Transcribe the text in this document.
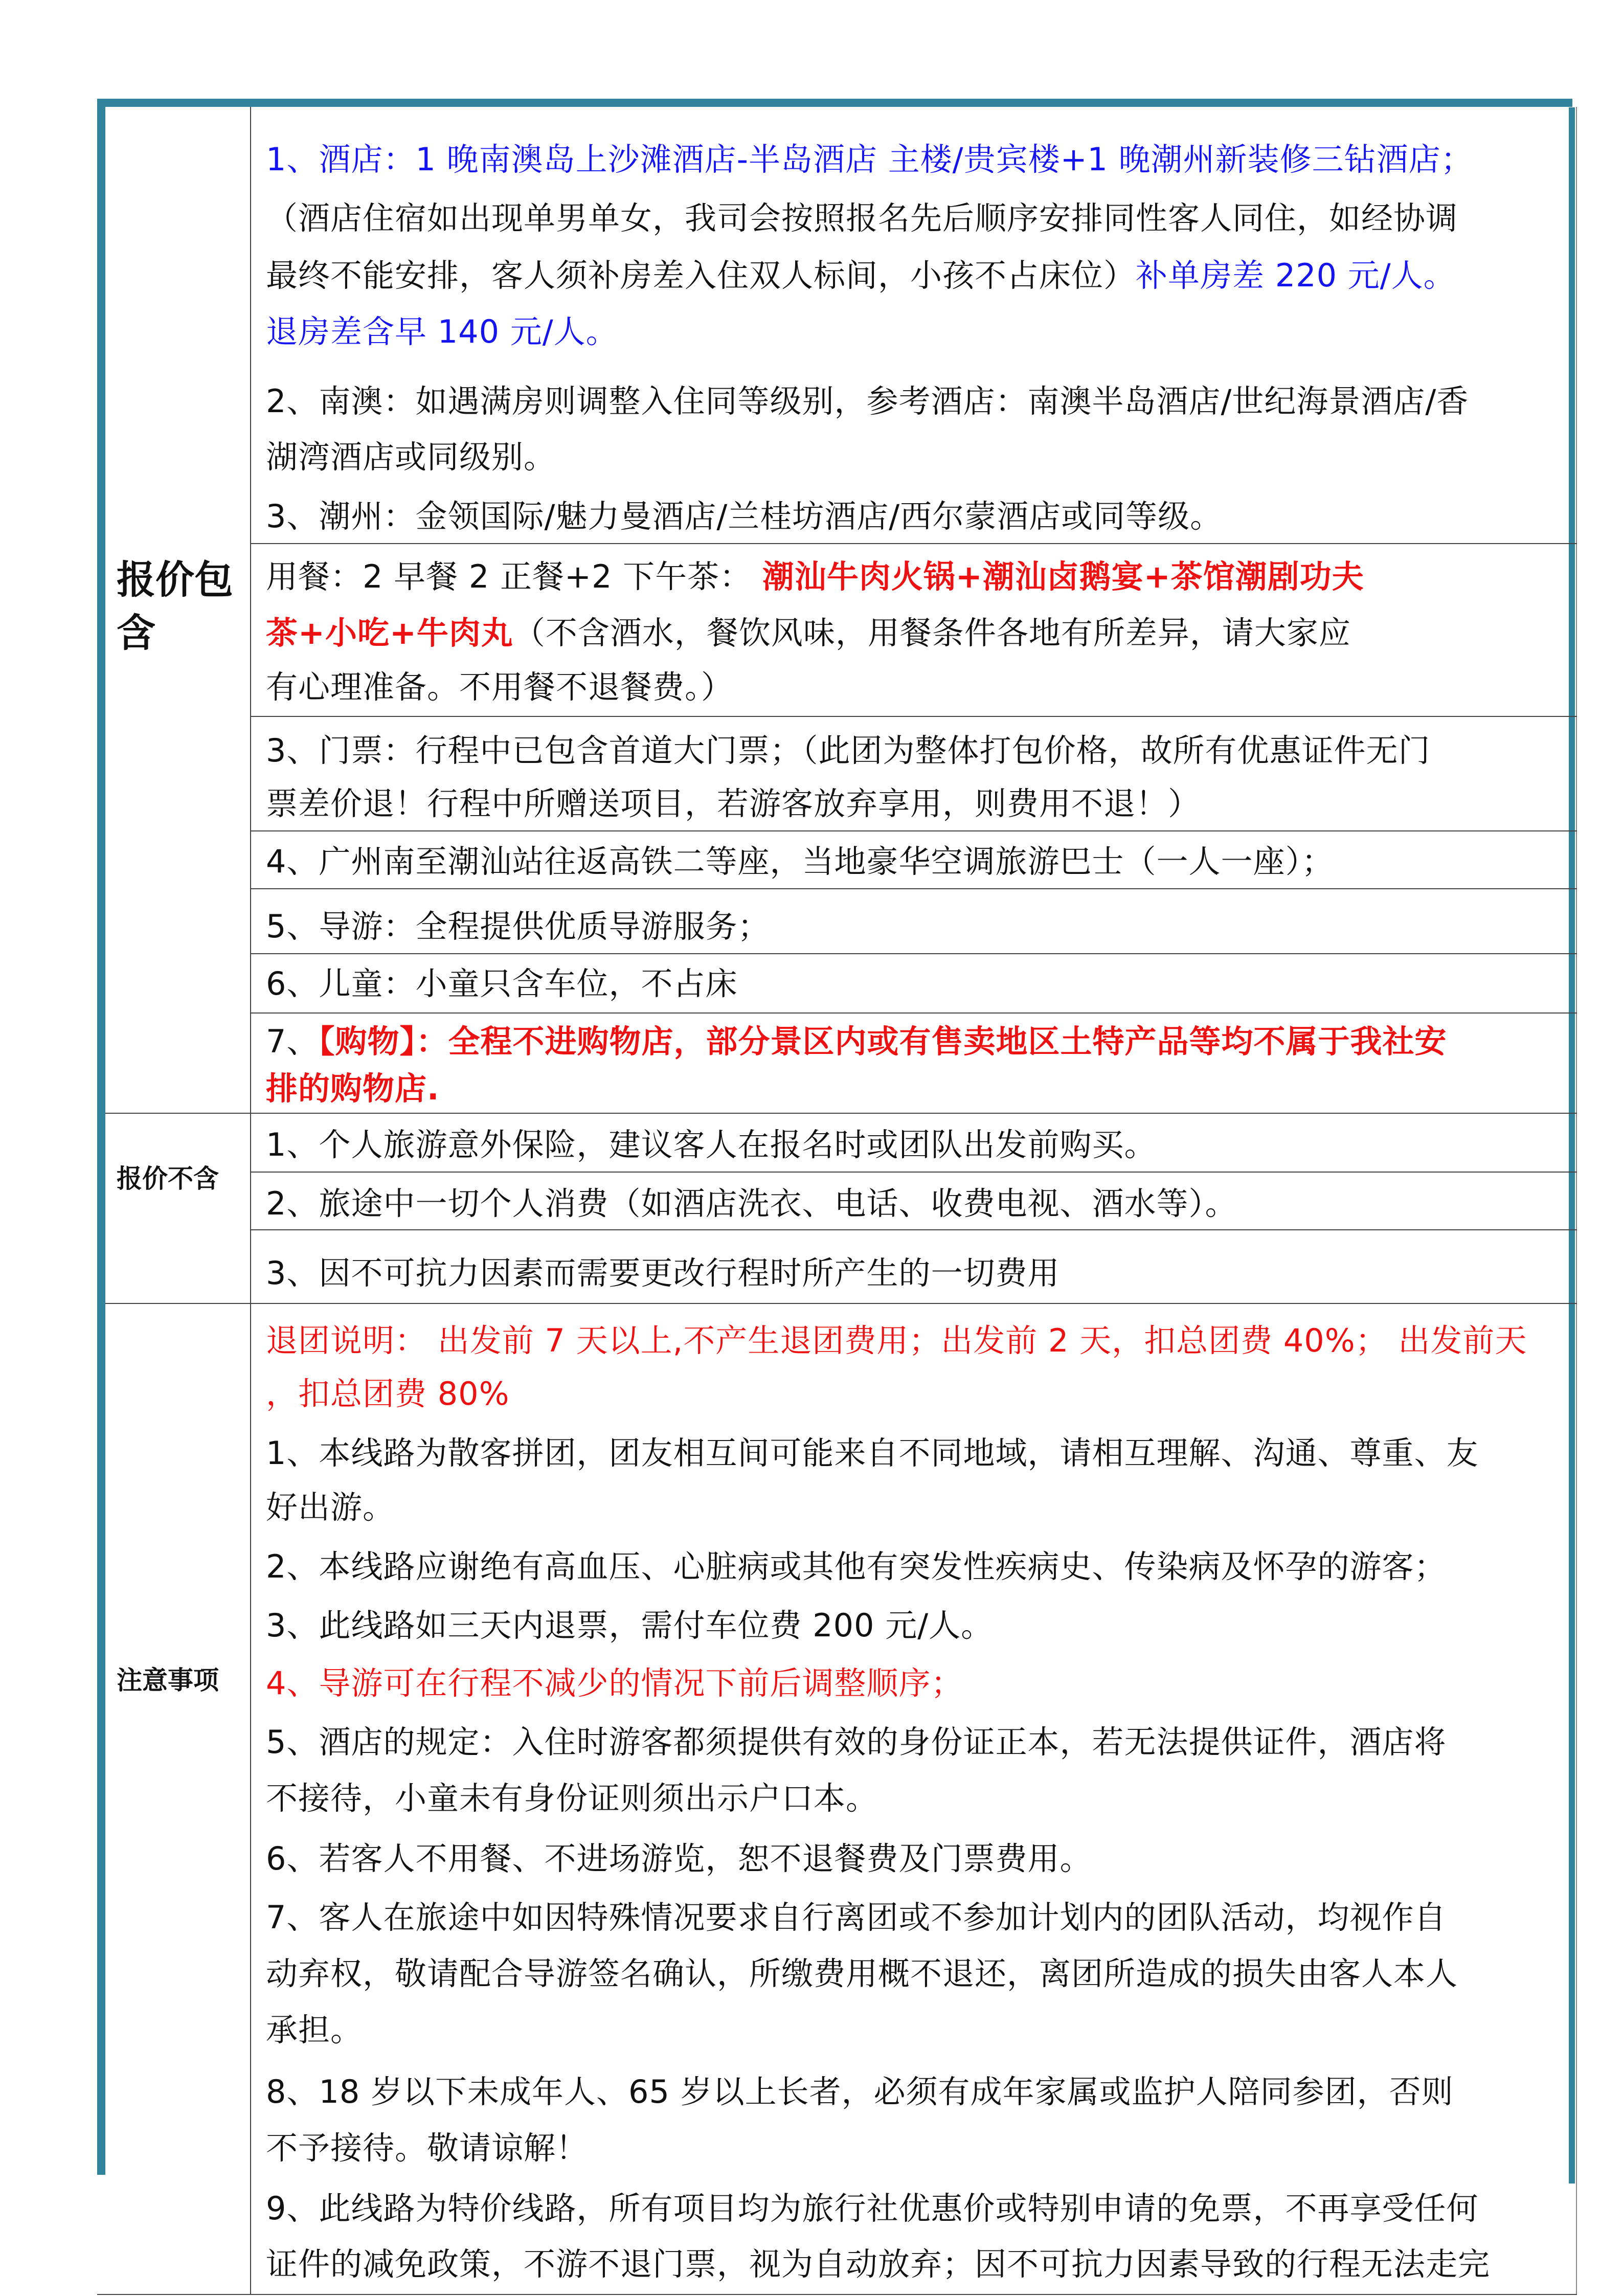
报价包
含
报价不含
注意事项
1、酒店：1 晚南澳岛上沙滩酒店-半岛酒店 主楼/贵宾楼+1 晚潮州新装修三钻酒店；
（酒店住宿如出现单男单女，我司会按照报名先后顺序安排同性客人同住，如经协调
最终不能安排，客人须补房差入住双人标间，小孩不占床位）补单房差 220 元/人。
退房差含早 140 元/人。
2、南澳：如遇满房则调整入住同等级别，参考酒店：南澳半岛酒店/世纪海景酒店/香
湖湾酒店或同级别。
3、潮州：金领国际/魅力曼酒店/兰桂坊酒店/西尔蒙酒店或同等级。
用餐：2 早餐 2 正餐+2 下午茶： 潮汕牛肉火锅+潮汕卤鹅宴+茶馆潮剧功夫
茶+小吃+牛肉丸（不含酒水，餐饮风味，用餐条件各地有所差异，请大家应
有心理准备。不用餐不退餐费。）
3、门票：行程中已包含首道大门票；（此团为整体打包价格，故所有优惠证件无门
票差价退！行程中所赠送项目，若游客放弃享用，则费用不退！）
4、广州南至潮汕站往返高铁二等座，当地豪华空调旅游巴士（一人一座）；
5、导游：全程提供优质导游服务；
6、儿童：小童只含车位，不占床
7、【购物】：全程不进购物店，部分景区内或有售卖地区土特产品等均不属于我社安
排的购物店.
1、个人旅游意外保险，建议客人在报名时或团队出发前购买。
2、旅途中一切个人消费（如酒店洗衣、电话、收费电视、酒水等）。
3、因不可抗力因素而需要更改行程时所产生的一切费用
退团说明： 出发前 7 天以上,不产生退团费用；出发前 2 天，扣总团费 40%； 出发前天
，扣总团费 80%
1、本线路为散客拼团，团友相互间可能来自不同地域，请相互理解、沟通、尊重、友
好出游。
2、本线路应谢绝有高血压、心脏病或其他有突发性疾病史、传染病及怀孕的游客；
3、此线路如三天内退票，需付车位费 200 元/人。
4、导游可在行程不减少的情况下前后调整顺序；
5、酒店的规定：入住时游客都须提供有效的身份证正本，若无法提供证件，酒店将
不接待，小童未有身份证则须出示户口本。
6、若客人不用餐、不进场游览，恕不退餐费及门票费用。
7、客人在旅途中如因特殊情况要求自行离团或不参加计划内的团队活动，均视作自
动弃权，敬请配合导游签名确认，所缴费用概不退还，离团所造成的损失由客人本人
承担。
8、18 岁以下未成年人、65 岁以上长者，必须有成年家属或监护人陪同参团，否则
不予接待。敬请谅解！
9、此线路为特价线路，所有项目均为旅行社优惠价或特别申请的免票，不再享受任何
证件的减免政策，不游不退门票，视为自动放弃；因不可抗力因素导致的行程无法走完
